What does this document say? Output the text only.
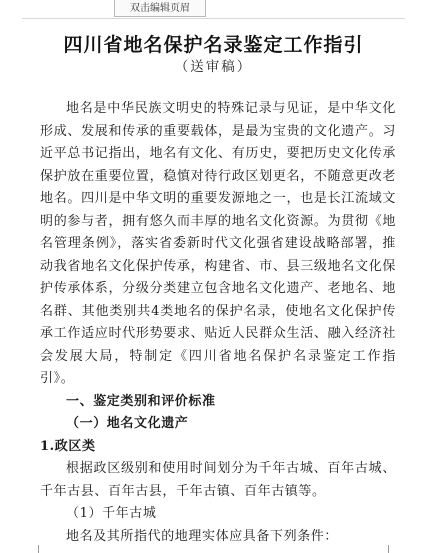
双击编辑页眉
四川省地名保护名录鉴定工作指引
（送审稿）

地名是中华民族文明史的特殊记录与见证，是中华文化形成、发展和传承的重要载体，是最为宝贵的文化遗产。习近平总书记指出，地名有文化、有历史，要把历史文化传承保护放在重要位置，稳慎对待行政区划更名，不随意更改老地名。四川是中华文明的重要发源地之一，也是长江流域文明的参与者，拥有悠久而丰厚的地名文化资源。为贯彻《地名管理条例》，落实省委新时代文化强省建设战略部署，推动我省地名文化保护传承，构建省、市、县三级地名文化保护传承体系，分级分类建立包含地名文化遗产、老地名、地名群、其他类别共4类地名的保护名录，使地名文化保护传承工作适应时代形势要求、贴近人民群众生活、融入经济社会发展大局，特制定《四川省地名保护名录鉴定工作指引》。

一、鉴定类别和评价标准

（一）地名文化遗产

1.政区类

根据政区级别和使用时间划分为千年古城、百年古城、千年古县、百年古县，千年古镇、百年古镇等。

（1）千年古城

地名及其所指代的地理实体应具备下列条件：
